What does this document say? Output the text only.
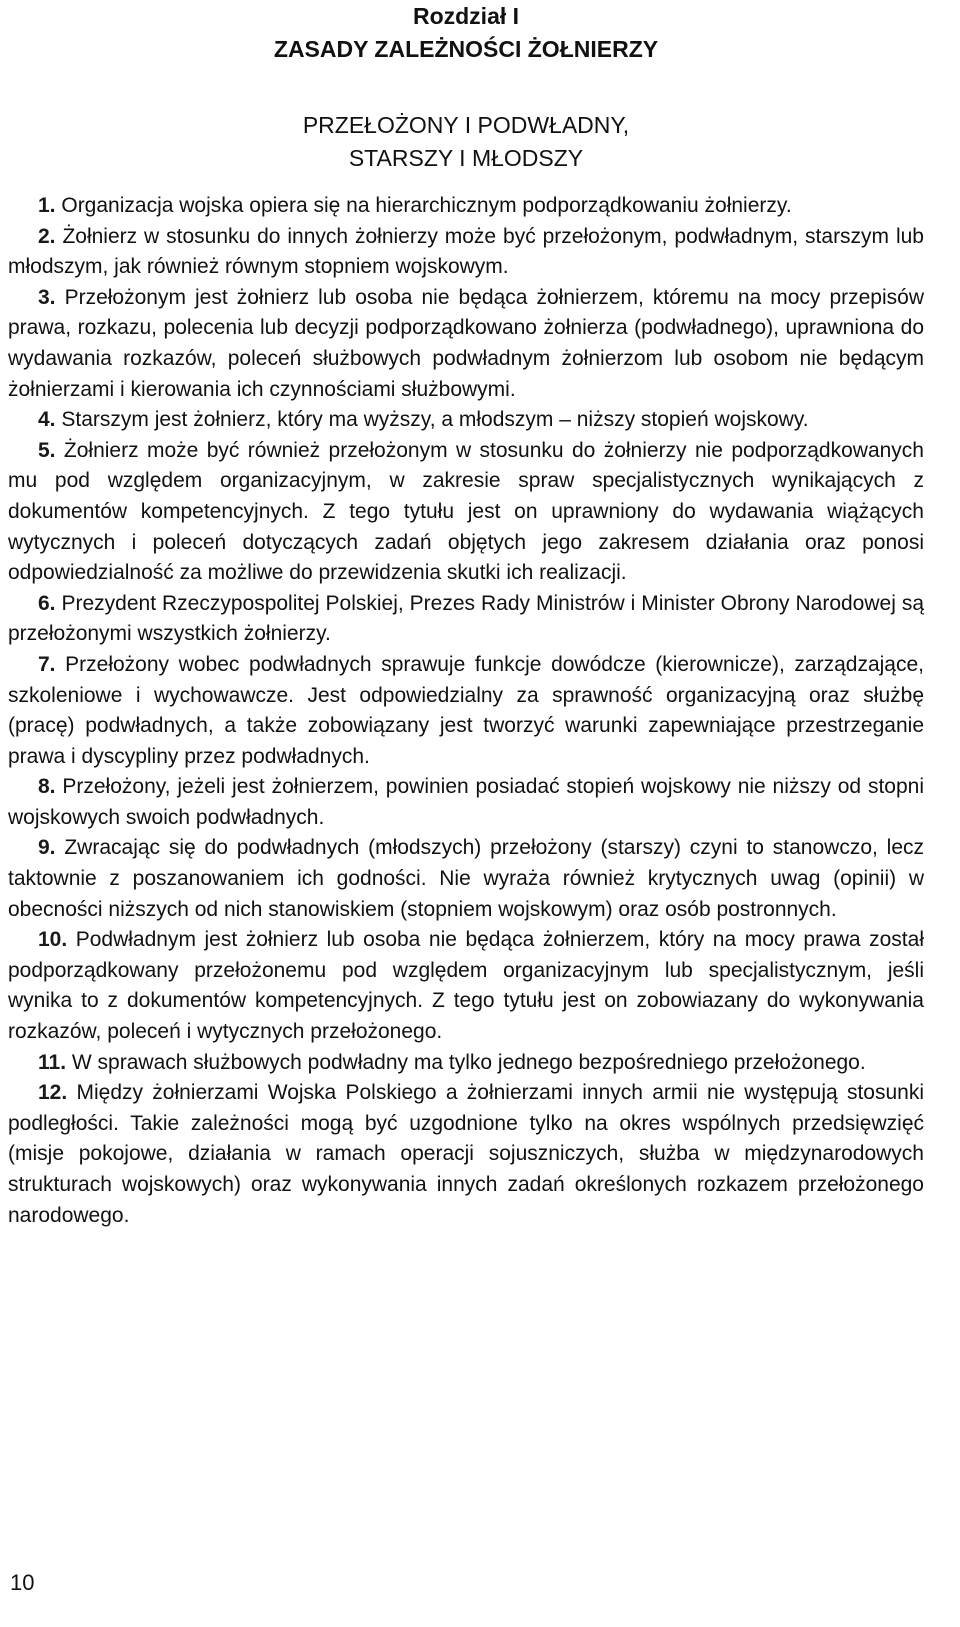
Rozdział I

ZASADY ZALEŻNOŚCI ŻOŁNIERZY

PRZEŁOŻONY I PODWŁADNY,
STARSZY I MŁODSZY

1. Organizacja wojska opiera się na hierarchicznym podporządkowaniu żołnierzy.

2. Żołnierz w stosunku do innych żołnierzy może być przełożonym, podwładnym, starszym lub młodszym, jak również równym stopniem wojskowym.

3. Przełożonym jest żołnierz lub osoba nie będąca żołnierzem, któremu na mocy przepisów prawa, rozkazu, polecenia lub decyzji podporządkowano żołnierza (podwładnego), uprawniona do wydawania rozkazów, poleceń służbowych podwładnym żołnierzom lub osobom nie będącym żołnierzami i kierowania ich czynnościami służbowymi.

4. Starszym jest żołnierz, który ma wyższy, a młodszym – niższy stopień wojskowy.

5. Żołnierz może być również przełożonym w stosunku do żołnierzy nie podporządkowanych mu pod względem organizacyjnym, w zakresie spraw specjalistycznych wynikających z dokumentów kompetencyjnych. Z tego tytułu jest on uprawniony do wydawania wiążących wytycznych i poleceń dotyczących zadań objętych jego zakresem działania oraz ponosi odpowiedzialność za możliwe do przewidzenia skutki ich realizacji.

6. Prezydent Rzeczypospolitej Polskiej, Prezes Rady Ministrów i Minister Obrony Narodowej są przełożonymi wszystkich żołnierzy.

7. Przełożony wobec podwładnych sprawuje funkcje dowódcze (kierownicze), zarządzające, szkoleniowe i wychowawcze. Jest odpowiedzialny za sprawność organizacyjną oraz służbę (pracę) podwładnych, a także zobowiązany jest tworzyć warunki zapewniające przestrzeganie prawa i dyscypliny przez podwładnych.

8. Przełożony, jeżeli jest żołnierzem, powinien posiadać stopień wojskowy nie niższy od stopni wojskowych swoich podwładnych.

9. Zwracając się do podwładnych (młodszych) przełożony (starszy) czyni to stanowczo, lecz taktownie z poszanowaniem ich godności. Nie wyraża również krytycznych uwag (opinii) w obecności niższych od nich stanowiskiem (stopniem wojskowym) oraz osób postronnych.

10. Podwładnym jest żołnierz lub osoba nie będąca żołnierzem, który na mocy prawa został podporządkowany przełożonemu pod względem organizacyjnym lub specjalistycznym, jeśli wynika to z dokumentów kompetencyjnych. Z tego tytułu jest on zobowiazany do wykonywania rozkazów, poleceń i wytycznych przełożonego.

11. W sprawach służbowych podwładny ma tylko jednego bezpośredniego przełożonego.

12. Między żołnierzami Wojska Polskiego a żołnierzami innych armii nie występują stosunki podległości. Takie zależności mogą być uzgodnione tylko na okres wspólnych przedsięwzięć (misje pokojowe, działania w ramach operacji sojuszniczych, służba w międzynarodowych strukturach wojskowych) oraz wykonywania innych zadań określonych rozkazem przełożonego narodowego.

10
